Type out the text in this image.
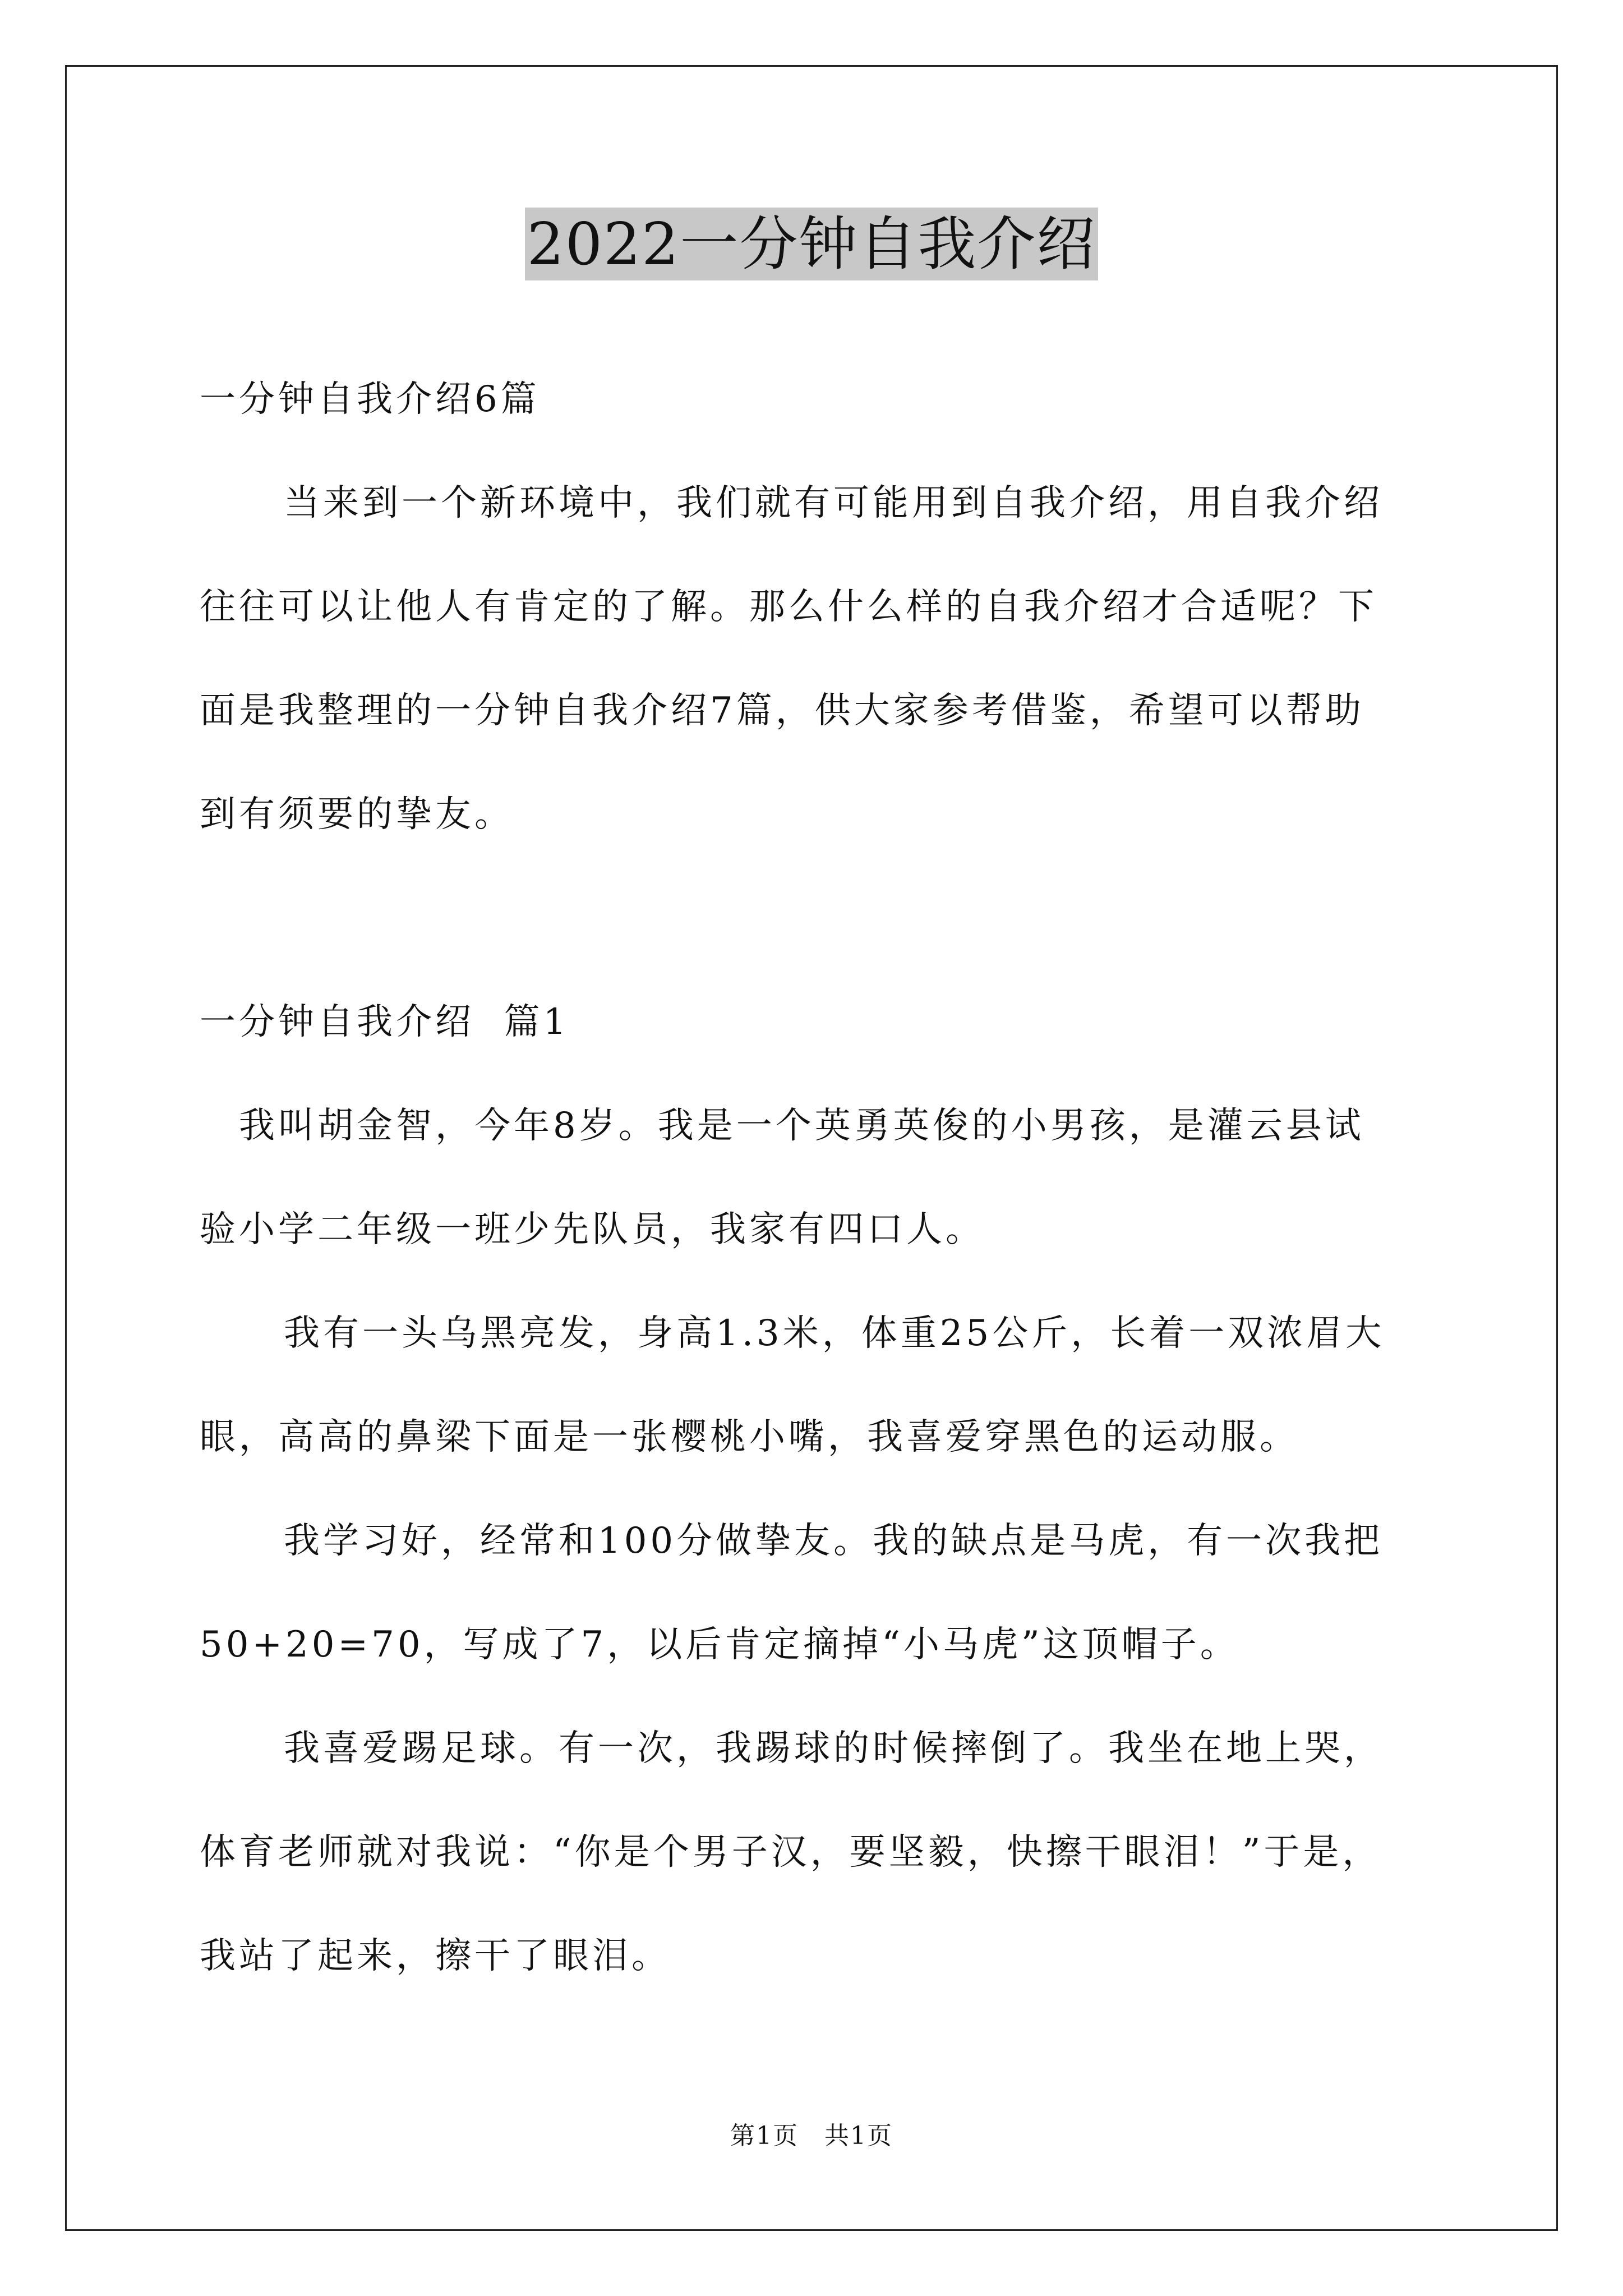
2022一分钟自我介绍

一分钟自我介绍6篇

当来到一个新环境中，我们就有可能用到自我介绍，用自我介绍

往往可以让他人有肯定的了解。那么什么样的自我介绍才合适呢？下

面是我整理的一分钟自我介绍7篇，供大家参考借鉴，希望可以帮助

到有须要的挚友。

一分钟自我介绍  篇1

我叫胡金智，今年8岁。我是一个英勇英俊的小男孩，是灌云县试

验小学二年级一班少先队员，我家有四口人。

我有一头乌黑亮发，身高1.3米，体重25公斤，长着一双浓眉大

眼，高高的鼻梁下面是一张樱桃小嘴，我喜爱穿黑色的运动服。

我学习好，经常和100分做挚友。我的缺点是马虎，有一次我把

50+20=70，写成了7，以后肯定摘掉“小马虎”这顶帽子。

我喜爱踢足球。有一次，我踢球的时候摔倒了。我坐在地上哭，

体育老师就对我说：“你是个男子汉，要坚毅，快擦干眼泪！”于是，

我站了起来，擦干了眼泪。

第1页 共1页
